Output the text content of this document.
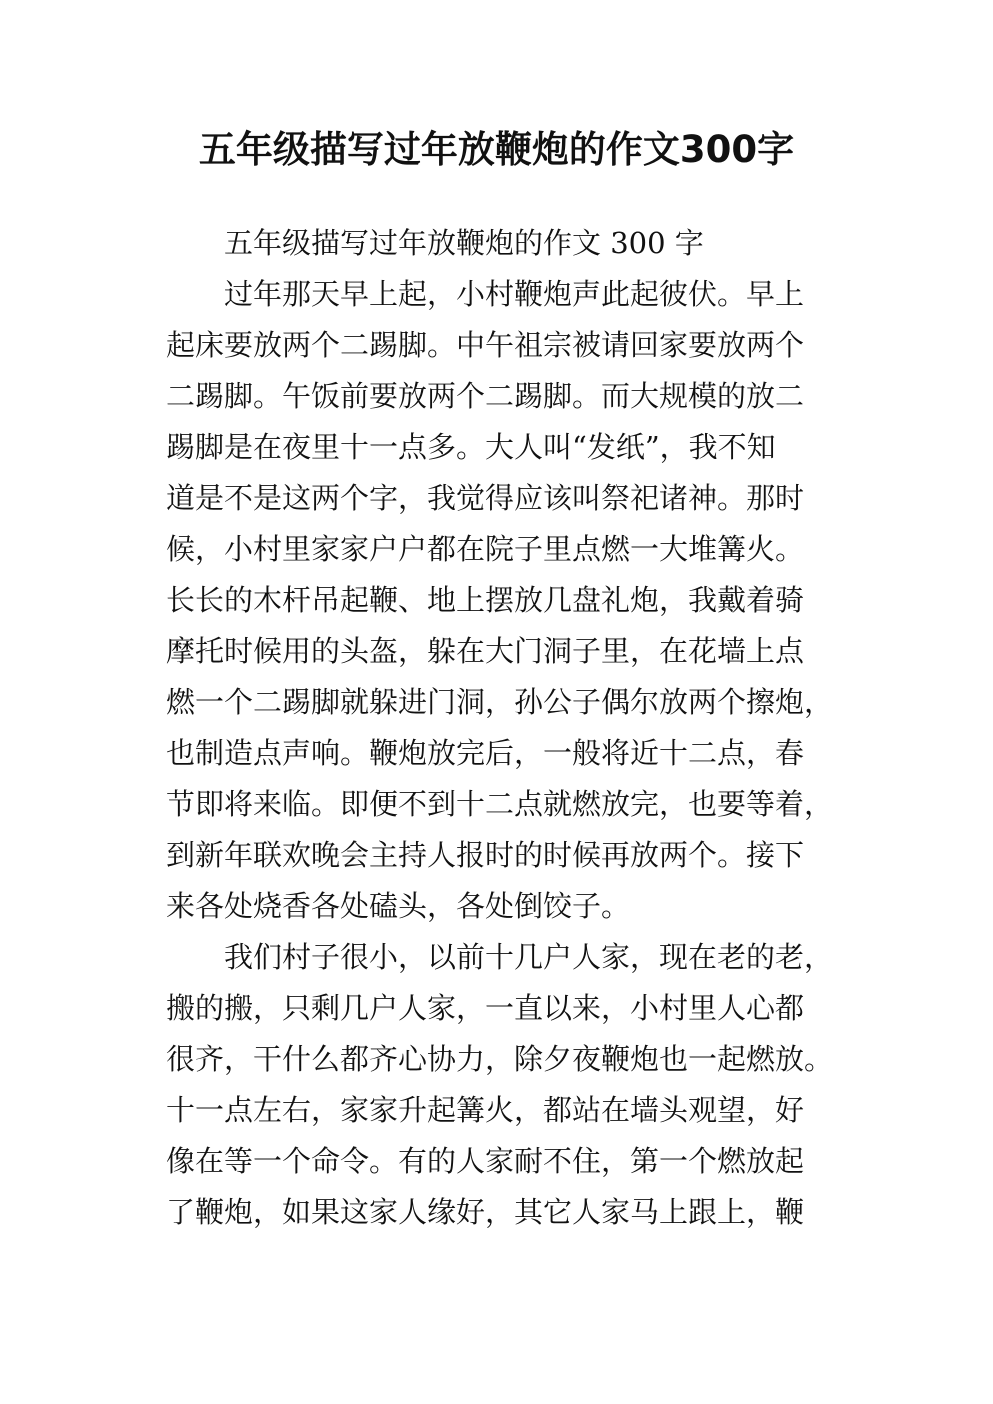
五年级描写过年放鞭炮的作文300字
五年级描写过年放鞭炮的作文 300 字
过年那天早上起，小村鞭炮声此起彼伏。早上
起床要放两个二踢脚。中午祖宗被请回家要放两个
二踢脚。午饭前要放两个二踢脚。而大规模的放二
踢脚是在夜里十一点多。大人叫“发纸”，我不知
道是不是这两个字，我觉得应该叫祭祀诸神。那时
候，小村里家家户户都在院子里点燃一大堆篝火。
长长的木杆吊起鞭、地上摆放几盘礼炮，我戴着骑
摩托时候用的头盔，躲在大门洞子里，在花墙上点
燃一个二踢脚就躲进门洞，孙公子偶尔放两个擦炮，
也制造点声响。鞭炮放完后，一般将近十二点，春
节即将来临。即便不到十二点就燃放完，也要等着，
到新年联欢晚会主持人报时的时候再放两个。接下
来各处烧香各处磕头，各处倒饺子。
我们村子很小，以前十几户人家，现在老的老，
搬的搬，只剩几户人家，一直以来，小村里人心都
很齐，干什么都齐心协力，除夕夜鞭炮也一起燃放。
十一点左右，家家升起篝火，都站在墙头观望，好
像在等一个命令。有的人家耐不住，第一个燃放起
了鞭炮，如果这家人缘好，其它人家马上跟上，鞭
